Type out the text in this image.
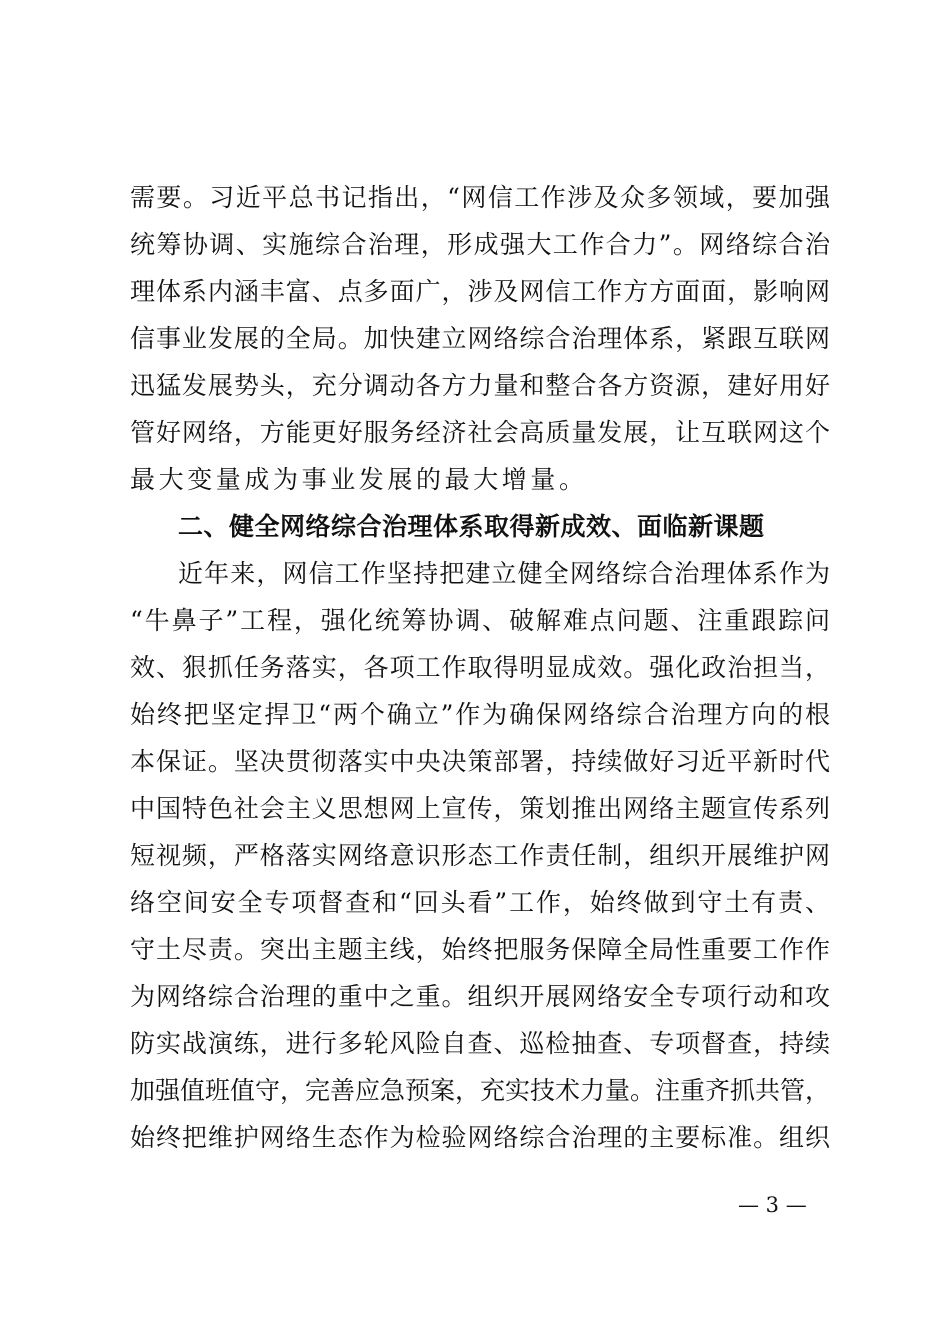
需要。习近平总书记指出，“网信工作涉及众多领域，要加强
统筹协调、实施综合治理，形成强大工作合力”。网络综合治
理体系内涵丰富、点多面广，涉及网信工作方方面面，影响网
信事业发展的全局。加快建立网络综合治理体系，紧跟互联网
迅猛发展势头，充分调动各方力量和整合各方资源，建好用好
管好网络，方能更好服务经济社会高质量发展，让互联网这个
最大变量成为事业发展的最大增量。
二、健全网络综合治理体系取得新成效、面临新课题
近年来，网信工作坚持把建立健全网络综合治理体系作为
“牛鼻子”工程，强化统筹协调、破解难点问题、注重跟踪问
效、狠抓任务落实，各项工作取得明显成效。强化政治担当，
始终把坚定捍卫“两个确立”作为确保网络综合治理方向的根
本保证。坚决贯彻落实中央决策部署，持续做好习近平新时代
中国特色社会主义思想网上宣传，策划推出网络主题宣传系列
短视频，严格落实网络意识形态工作责任制，组织开展维护网
络空间安全专项督查和“回头看”工作，始终做到守土有责、
守土尽责。突出主题主线，始终把服务保障全局性重要工作作
为网络综合治理的重中之重。组织开展网络安全专项行动和攻
防实战演练，进行多轮风险自查、巡检抽查、专项督查，持续
加强值班值守，完善应急预案，充实技术力量。注重齐抓共管，
始终把维护网络生态作为检验网络综合治理的主要标准。组织
— 3 —
